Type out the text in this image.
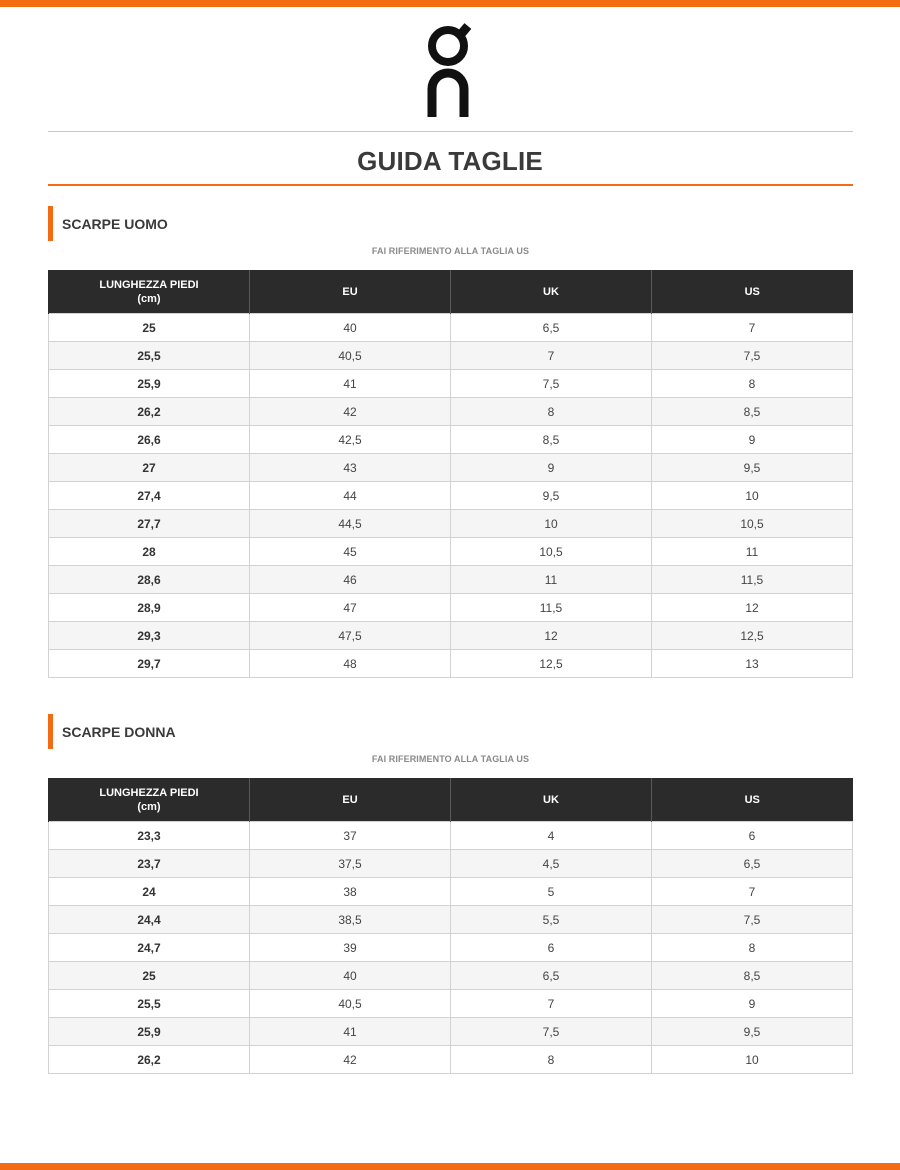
GUIDA TAGLIE
SCARPE UOMO
FAI RIFERIMENTO ALLA TAGLIA US
LUNGHEZZA PIEDI (cm)	EU	UK	US
25	40	6,5	7
25,5	40,5	7	7,5
25,9	41	7,5	8
26,2	42	8	8,5
26,6	42,5	8,5	9
27	43	9	9,5
27,4	44	9,5	10
27,7	44,5	10	10,5
28	45	10,5	11
28,6	46	11	11,5
28,9	47	11,5	12
29,3	47,5	12	12,5
29,7	48	12,5	13
SCARPE DONNA
FAI RIFERIMENTO ALLA TAGLIA US
LUNGHEZZA PIEDI (cm)	EU	UK	US
23,3	37	4	6
23,7	37,5	4,5	6,5
24	38	5	7
24,4	38,5	5,5	7,5
24,7	39	6	8
25	40	6,5	8,5
25,5	40,5	7	9
25,9	41	7,5	9,5
26,2	42	8	10
